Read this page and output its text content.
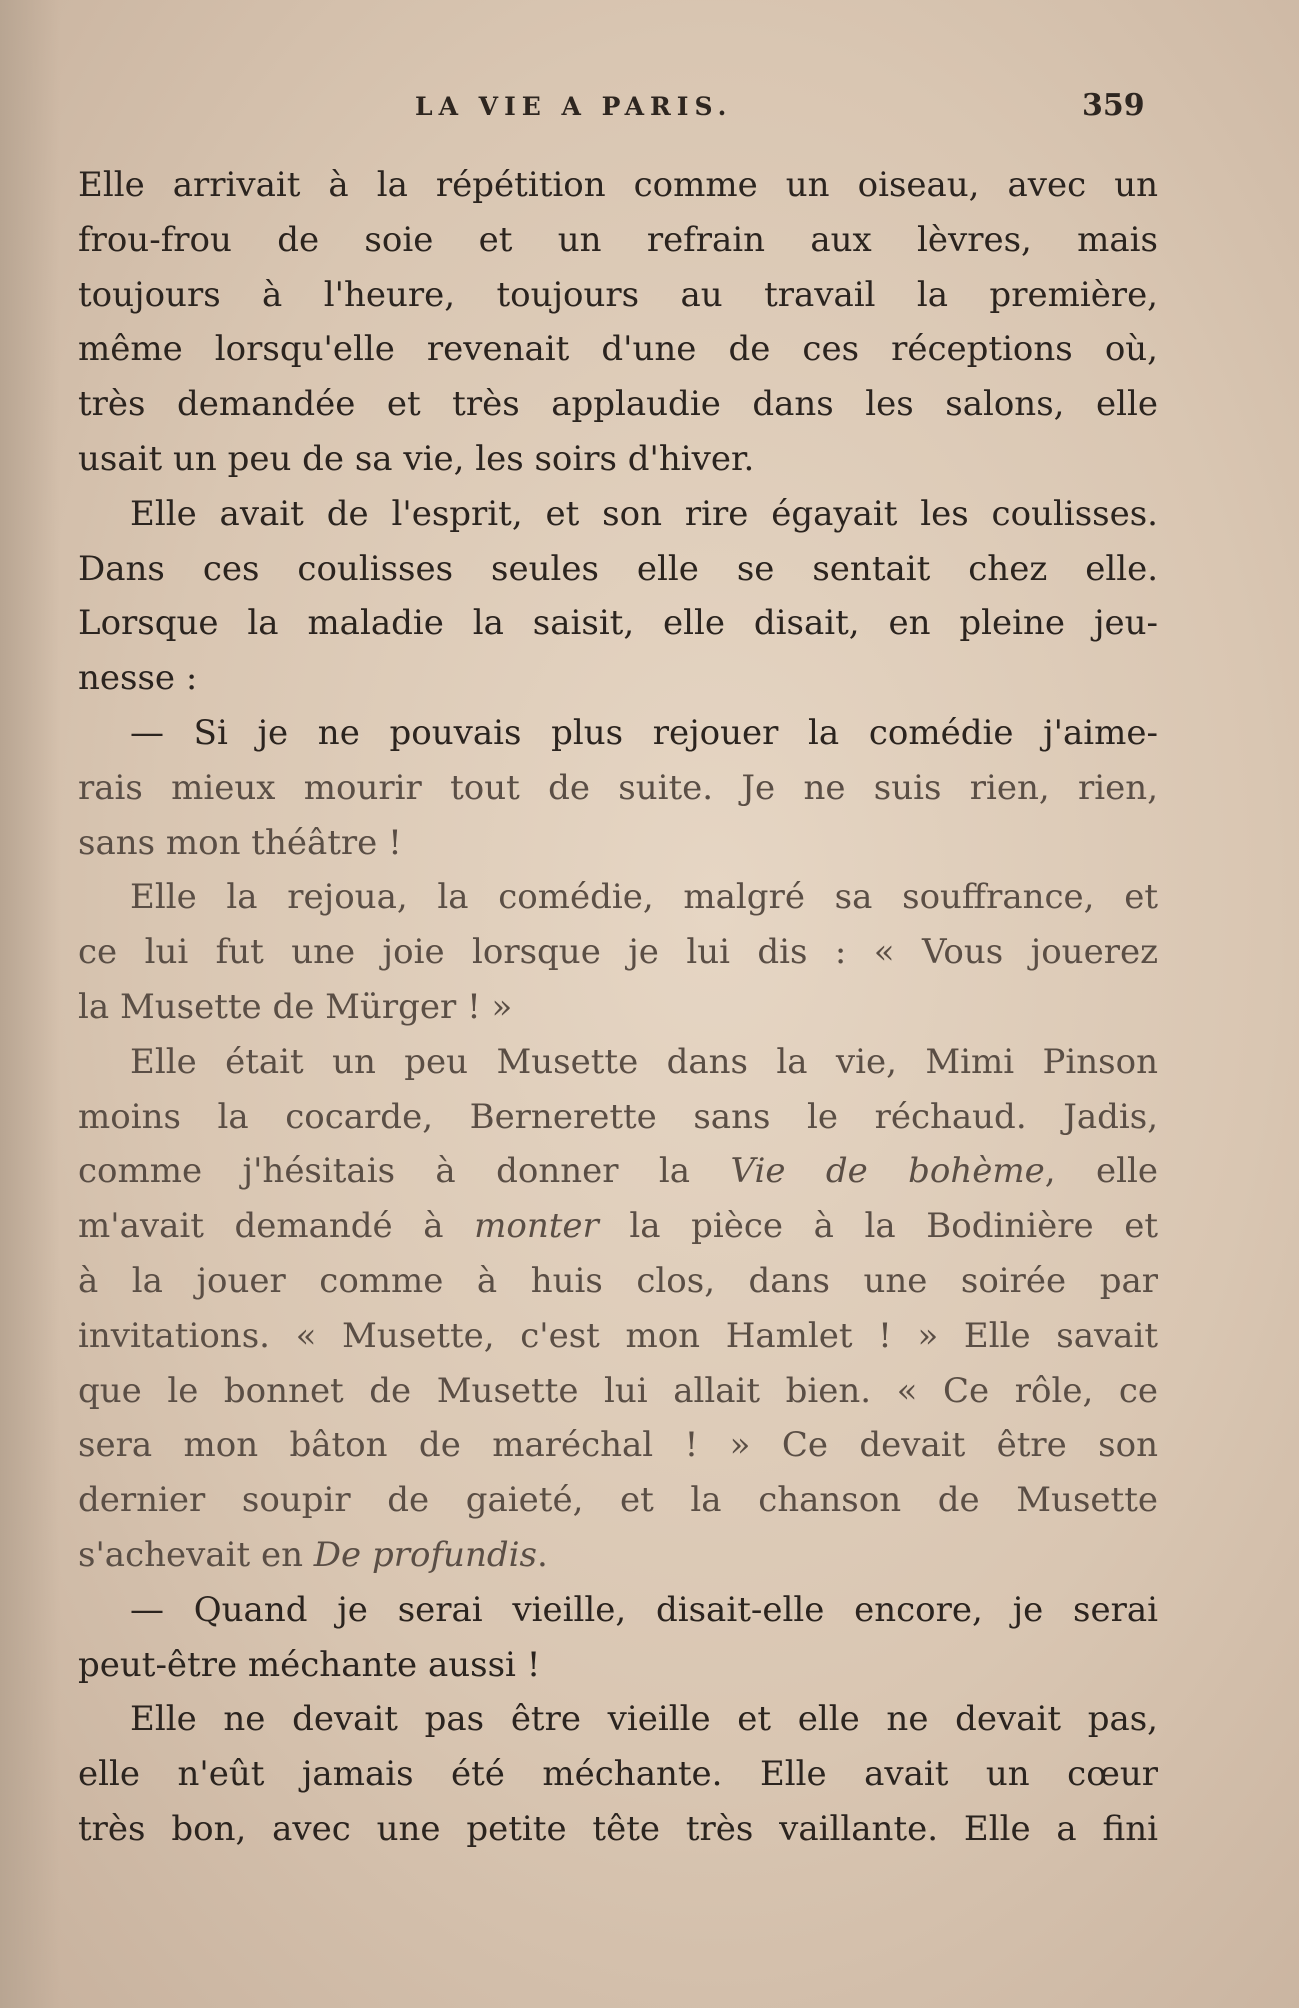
LA VIE A PARIS.	359
Elle arrivait à la répétition comme un oiseau, avec un
frou-frou de soie et un refrain aux lèvres, mais
toujours à l'heure, toujours au travail la première,
même lorsqu'elle revenait d'une de ces réceptions où,
très demandée et très applaudie dans les salons, elle
usait un peu de sa vie, les soirs d'hiver.
Elle avait de l'esprit, et son rire égayait les coulisses.
Dans ces coulisses seules elle se sentait chez elle.
Lorsque la maladie la saisit, elle disait, en pleine jeu-
nesse :
— Si je ne pouvais plus rejouer la comédie j'aime-
rais mieux mourir tout de suite. Je ne suis rien, rien,
sans mon théâtre !
Elle la rejoua, la comédie, malgré sa souffrance, et
ce lui fut une joie lorsque je lui dis : « Vous jouerez
la Musette de Mürger ! »
Elle était un peu Musette dans la vie, Mimi Pinson
moins la cocarde, Bernerette sans le réchaud. Jadis,
comme j'hésitais à donner la Vie de bohème, elle
m'avait demandé à monter la pièce à la Bodinière et
à la jouer comme à huis clos, dans une soirée par
invitations. « Musette, c'est mon Hamlet ! » Elle savait
que le bonnet de Musette lui allait bien. « Ce rôle, ce
sera mon bâton de maréchal ! » Ce devait être son
dernier soupir de gaieté, et la chanson de Musette
s'achevait en De profundis.
— Quand je serai vieille, disait-elle encore, je serai
peut-être méchante aussi !
Elle ne devait pas être vieille et elle ne devait pas,
elle n'eût jamais été méchante. Elle avait un cœur
très bon, avec une petite tête très vaillante. Elle a fini
